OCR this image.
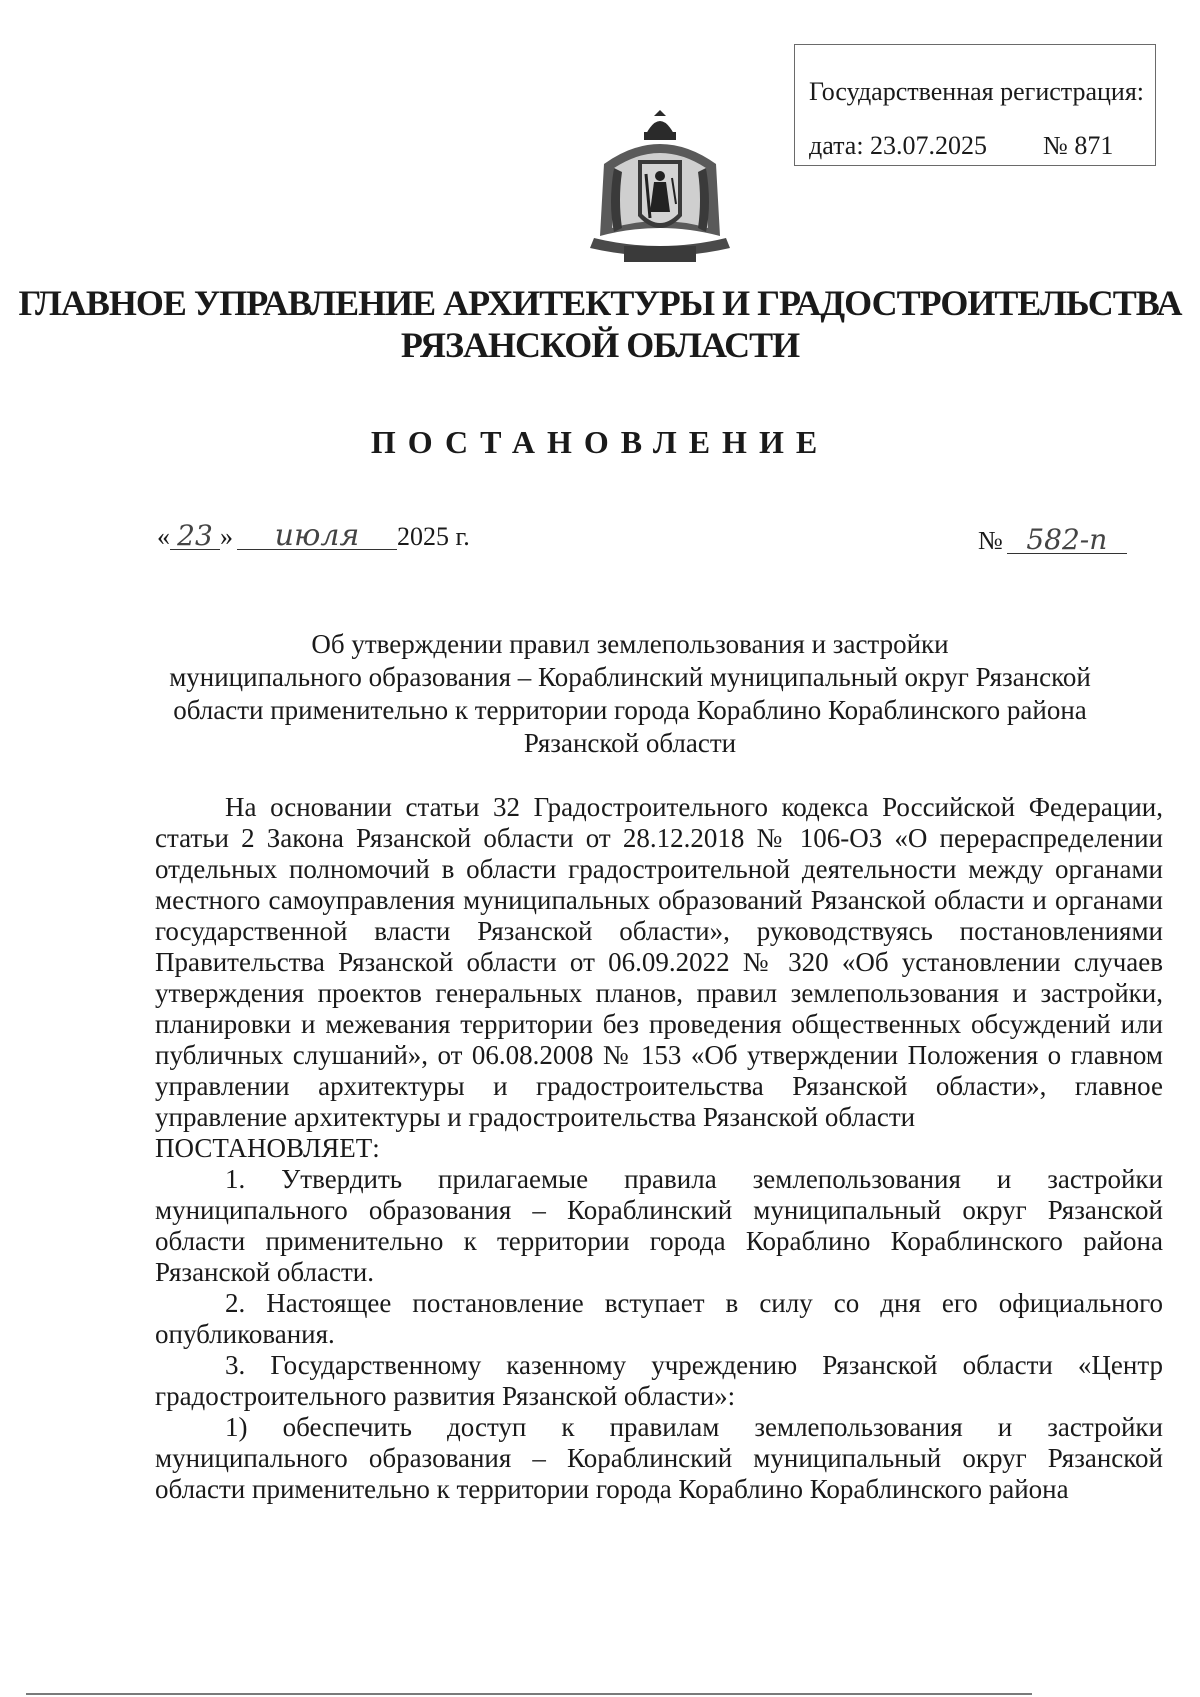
Государственная регистрация:
дата: 23.07.2025 № 871
ГЛАВНОЕ УПРАВЛЕНИЕ АРХИТЕКТУРЫ И ГРАДОСТРОИТЕЛЬСТВА
РЯЗАНСКОЙ ОБЛАСТИ
ПОСТАНОВЛЕНИЕ
« 23 » июля 2025 г.	№ 582-п
Об утверждении правил землепользования и застройки
муниципального образования – Кораблинский муниципальный округ Рязанской
области применительно к территории города Кораблино Кораблинского района
Рязанской области

На основании статьи 32 Градостроительного кодекса Российской Федерации, статьи 2 Закона Рязанской области от 28.12.2018 № 106-ОЗ «О перераспределении отдельных полномочий в области градостроительной деятельности между органами местного самоуправления муниципальных образований Рязанской области и органами государственной власти Рязанской области», руководствуясь постановлениями Правительства Рязанской области от 06.09.2022 № 320 «Об установлении случаев утверждения проектов генеральных планов, правил землепользования и застройки, планировки и межевания территории без проведения общественных обсуждений или публичных слушаний», от 06.08.2008 № 153 «Об утверждении Положения о главном управлении архитектуры и градостроительства Рязанской области», главное управление архитектуры и градостроительства Рязанской области

ПОСТАНОВЛЯЕТ:

1. Утвердить прилагаемые правила землепользования и застройки муниципального образования – Кораблинский муниципальный округ Рязанской области применительно к территории города Кораблино Кораблинского района Рязанской области.

2. Настоящее постановление вступает в силу со дня его официального опубликования.

3. Государственному казенному учреждению Рязанской области «Центр градостроительного развития Рязанской области»:

1) обеспечить доступ к правилам землепользования и застройки муниципального образования – Кораблинский муниципальный округ Рязанской области применительно к территории города Кораблино Кораблинского района
